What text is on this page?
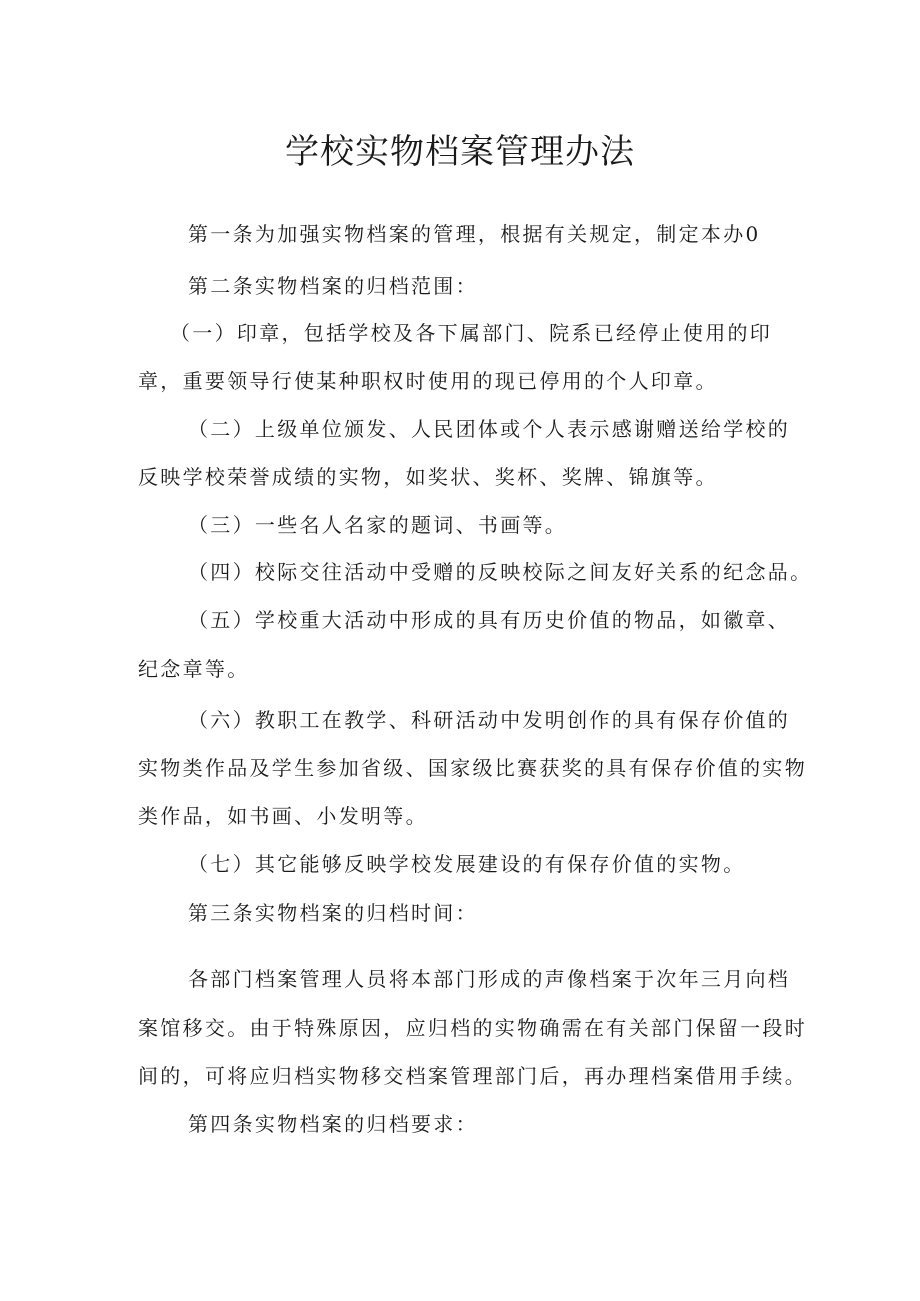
学校实物档案管理办法
第一条为加强实物档案的管理，根据有关规定，制定本办0
第二条实物档案的归档范围：
（一）印章，包括学校及各下属部门、院系已经停止使用的印
章，重要领导行使某种职权时使用的现已停用的个人印章。
（二）上级单位颁发、人民团体或个人表示感谢赠送给学校的
反映学校荣誉成绩的实物，如奖状、奖杯、奖牌、锦旗等。
（三）一些名人名家的题词、书画等。
（四）校际交往活动中受赠的反映校际之间友好关系的纪念品。
（五）学校重大活动中形成的具有历史价值的物品，如徽章、
纪念章等。
（六）教职工在教学、科研活动中发明创作的具有保存价值的
实物类作品及学生参加省级、国家级比赛获奖的具有保存价值的实物
类作品，如书画、小发明等。
（七）其它能够反映学校发展建设的有保存价值的实物。
第三条实物档案的归档时间：
各部门档案管理人员将本部门形成的声像档案于次年三月向档
案馆移交。由于特殊原因，应归档的实物确需在有关部门保留一段时
间的，可将应归档实物移交档案管理部门后，再办理档案借用手续。
第四条实物档案的归档要求：
